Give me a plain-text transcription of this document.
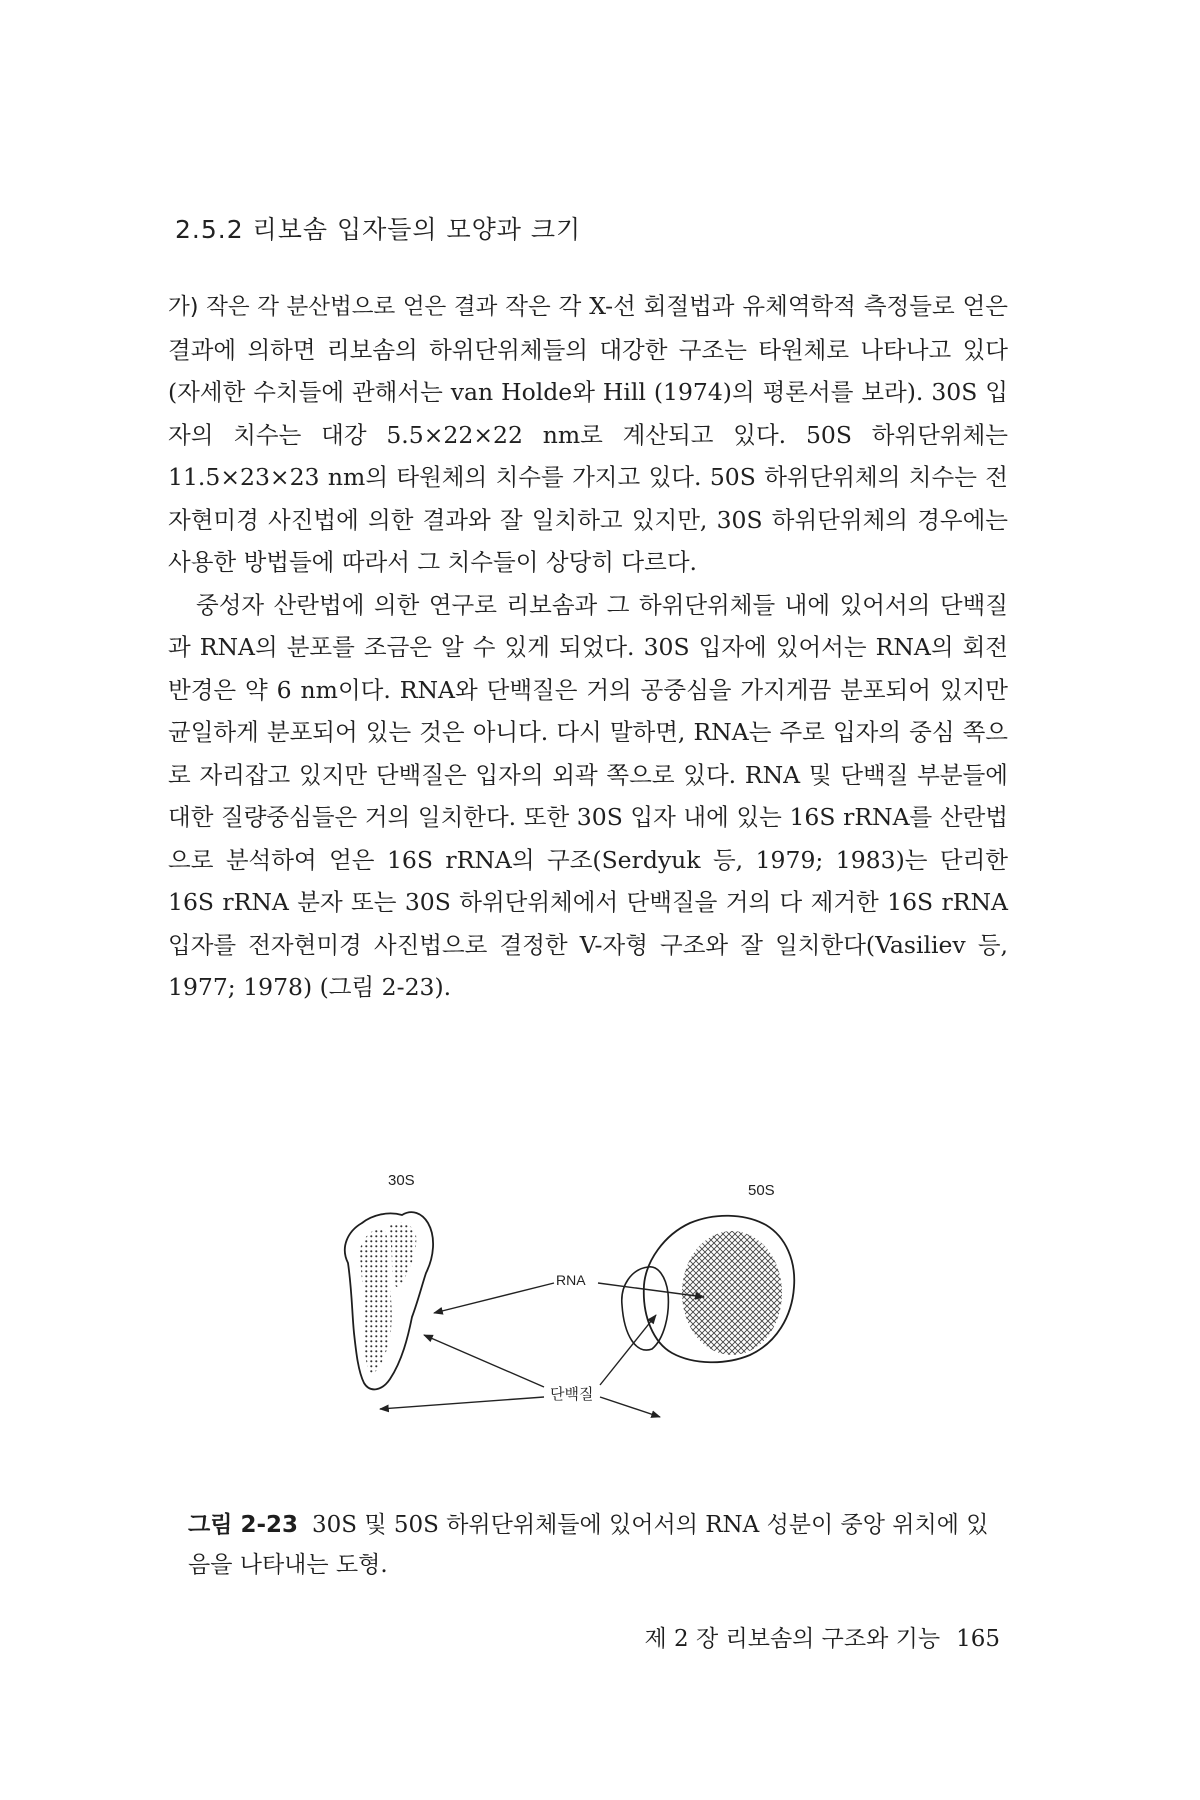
2.5.2 리보솜 입자들의 모양과 크기

가) 작은 각 분산법으로 얻은 결과 작은 각 X-선 회절법과 유체역학적 측정들로 얻은 결과에 의하면 리보솜의 하위단위체들의 대강한 구조는 타원체로 나타나고 있다(자세한 수치들에 관해서는 van Holde와 Hill (1974)의 평론서를 보라). 30S 입자의 치수는 대강 5.5×22×22 nm로 계산되고 있다. 50S 하위단위체는 11.5×23×23 nm의 타원체의 치수를 가지고 있다. 50S 하위단위체의 치수는 전자현미경 사진법에 의한 결과와 잘 일치하고 있지만, 30S 하위단위체의 경우에는 사용한 방법들에 따라서 그 치수들이 상당히 다르다.

중성자 산란법에 의한 연구로 리보솜과 그 하위단위체들 내에 있어서의 단백질과 RNA의 분포를 조금은 알 수 있게 되었다. 30S 입자에 있어서는 RNA의 회전반경은 약 6 nm이다. RNA와 단백질은 거의 공중심을 가지게끔 분포되어 있지만 균일하게 분포되어 있는 것은 아니다. 다시 말하면, RNA는 주로 입자의 중심 쪽으로 자리잡고 있지만 단백질은 입자의 외곽 쪽으로 있다. RNA 및 단백질 부분들에 대한 질량중심들은 거의 일치한다. 또한 30S 입자 내에 있는 16S rRNA를 산란법으로 분석하여 얻은 16S rRNA의 구조(Serdyuk 등, 1979; 1983)는 단리한 16S rRNA 분자 또는 30S 하위단위체에서 단백질을 거의 다 제거한 16S rRNA 입자를 전자현미경 사진법으로 결정한 V-자형 구조와 잘 일치한다(Vasiliev 등, 1977; 1978) (그림 2-23).

30S
50S
RNA
단백질
그림 2-23 30S 및 50S 하위단위체들에 있어서의 RNA 성분이 중앙 위치에 있음을 나타내는 도형.
제 2 장 리보솜의 구조와 기능 165
